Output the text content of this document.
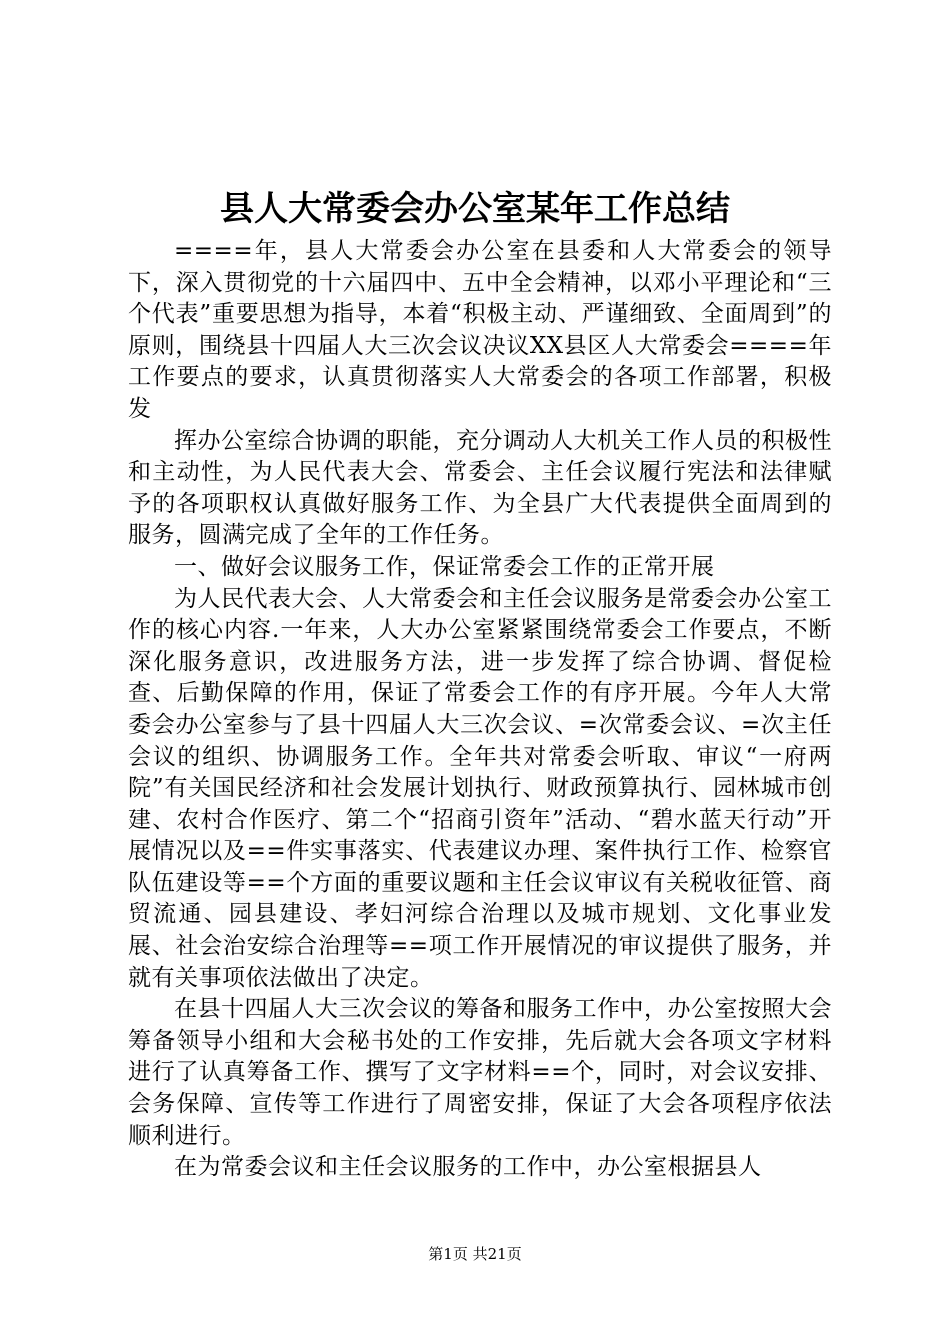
县人大常委会办公室某年工作总结

====年，县人大常委会办公室在县委和人大常委会的领导下，深入贯彻党的十六届四中、五中全会精神，以邓小平理论和“三个代表”重要思想为指导，本着“积极主动、严谨细致、全面周到”的原则，围绕县十四届人大三次会议决议XX县区人大常委会====年工作要点的要求，认真贯彻落实人大常委会的各项工作部署，积极发

挥办公室综合协调的职能，充分调动人大机关工作人员的积极性和主动性，为人民代表大会、常委会、主任会议履行宪法和法律赋予的各项职权认真做好服务工作、为全县广大代表提供全面周到的服务，圆满完成了全年的工作任务。

一、做好会议服务工作，保证常委会工作的正常开展

为人民代表大会、人大常委会和主任会议服务是常委会办公室工作的核心内容.一年来，人大办公室紧紧围绕常委会工作要点，不断深化服务意识，改进服务方法，进一步发挥了综合协调、督促检查、后勤保障的作用，保证了常委会工作的有序开展。今年人大常委会办公室参与了县十四届人大三次会议、=次常委会议、=次主任会议的组织、协调服务工作。全年共对常委会听取、审议“一府两院”有关国民经济和社会发展计划执行、财政预算执行、园林城市创建、农村合作医疗、第二个“招商引资年”活动、“碧水蓝天行动”开展情况以及==件实事落实、代表建议办理、案件执行工作、检察官队伍建设等==个方面的重要议题和主任会议审议有关税收征管、商贸流通、园县建设、孝妇河综合治理以及城市规划、文化事业发展、社会治安综合治理等==项工作开展情况的审议提供了服务，并就有关事项依法做出了决定。

在县十四届人大三次会议的筹备和服务工作中，办公室按照大会筹备领导小组和大会秘书处的工作安排，先后就大会各项文字材料进行了认真筹备工作、撰写了文字材料==个，同时，对会议安排、会务保障、宣传等工作进行了周密安排，保证了大会各项程序依法顺利进行。

在为常委会议和主任会议服务的工作中，办公室根据县人

第1页 共21页
